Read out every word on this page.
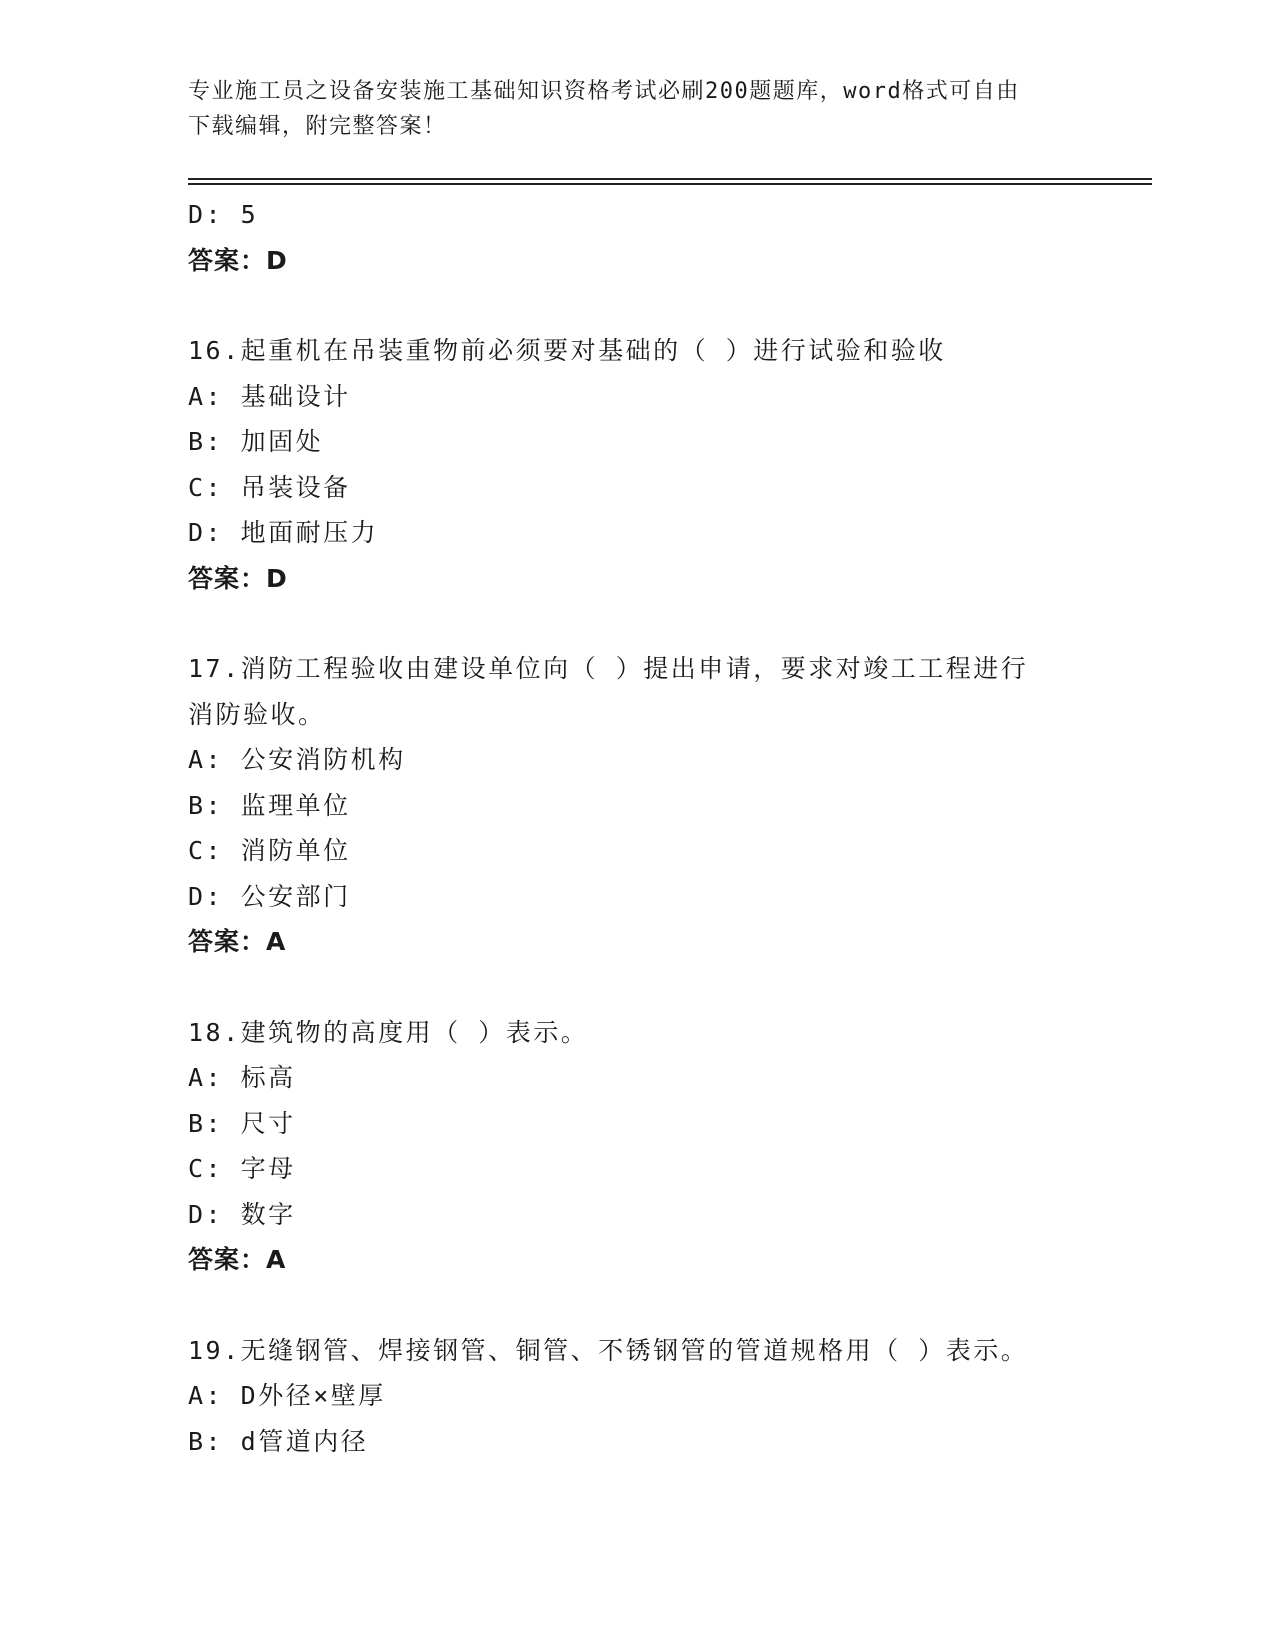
专业施工员之设备安装施工基础知识资格考试必刷200题题库，word格式可自由
下载编辑，附完整答案！
D: 5
答案：D
16.起重机在吊装重物前必须要对基础的（ ）进行试验和验收
A: 基础设计
B: 加固处
C: 吊装设备
D: 地面耐压力
答案：D
17.消防工程验收由建设单位向（ ）提出申请，要求对竣工工程进行
消防验收。
A: 公安消防机构
B: 监理单位
C: 消防单位
D: 公安部门
答案：A
18.建筑物的高度用（ ）表示。
A: 标高
B: 尺寸
C: 字母
D: 数字
答案：A
19.无缝钢管、焊接钢管、铜管、不锈钢管的管道规格用（ ）表示。
A: D外径×壁厚
B: d管道内径
